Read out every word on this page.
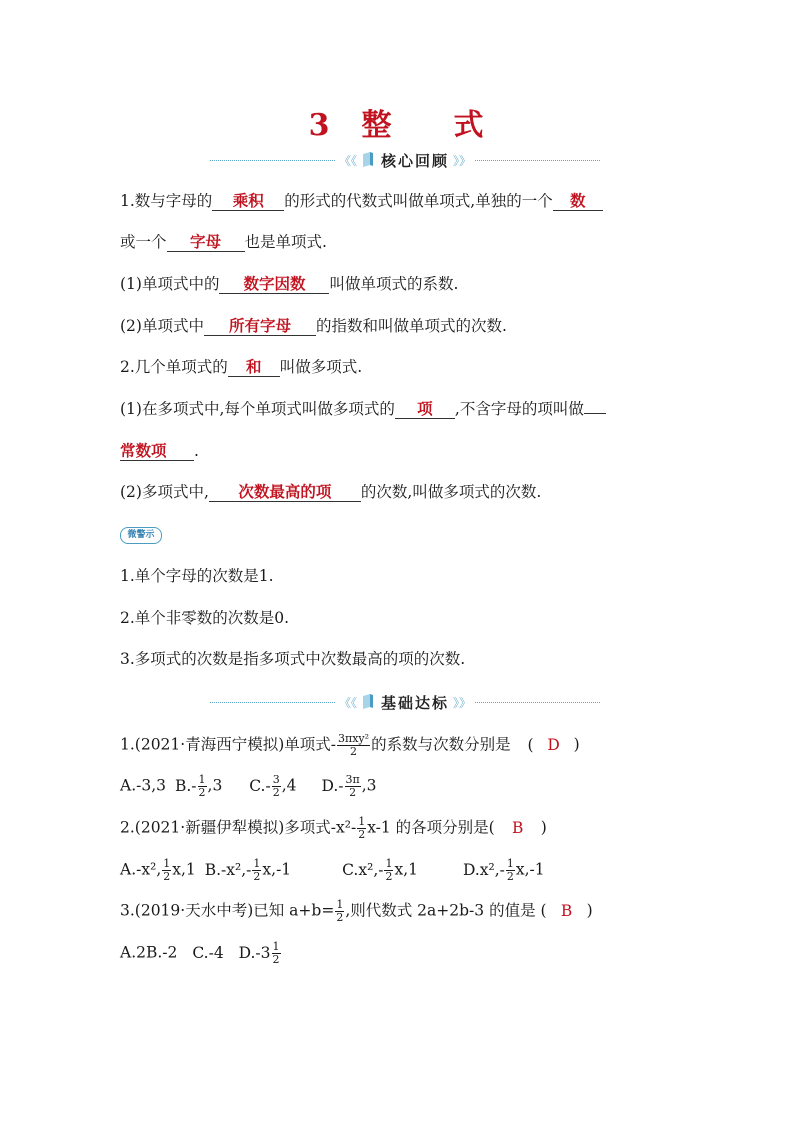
3 整 式
《《 核心回顾 》》
1.数与字母的 乘积 的形式的代数式叫做单项式,单独的一个 数
或一个 字母 也是单项式.
(1)单项式中的 数字因数 叫做单项式的系数.
(2)单项式中 所有字母 的指数和叫做单项式的次数.
2.几个单项式的 和 叫做多项式.
(1)在多项式中,每个单项式叫做多项式的 项 ,不含字母的项叫做
常数项 .
(2)多项式中, 次数最高的项 的次数,叫做多项式的次数.
微警示
1.单个字母的次数是1.
2.单个非零数的次数是0.
3.多项式的次数是指多项式中次数最高的项的次数.
《《 基础达标 》》
1.(2021·青海西宁模拟)单项式- $\frac{\text{3πxy²}}{2}$ 的系数与次数分别是 ( D )
A.-3,3 $B.- \frac{1}{2} ,3$ $C.- \frac{3}{2} ,4$ $D.- \frac{3\pi}{2} ,3$
2.(2021·新疆伊犁模拟)多项式$-x^2- \frac{1}{2} x-1$ 的各项分别是( B )
A.-x², $\frac{1}{2} x,1$ $B.-x^2,- \frac{1}{2} x,-1$	$C.x^2,- \frac{1}{2} x,1$	$D.x^2,- \frac{1}{2} x,-1$
3.(2019·天水中考)已知 $a+b= \frac{1}{2}$ ,则代数式 2a+2b-3 的值是 ( B )
A.2B.-2 C.-4 $D.-3 \frac{1}{2}$
